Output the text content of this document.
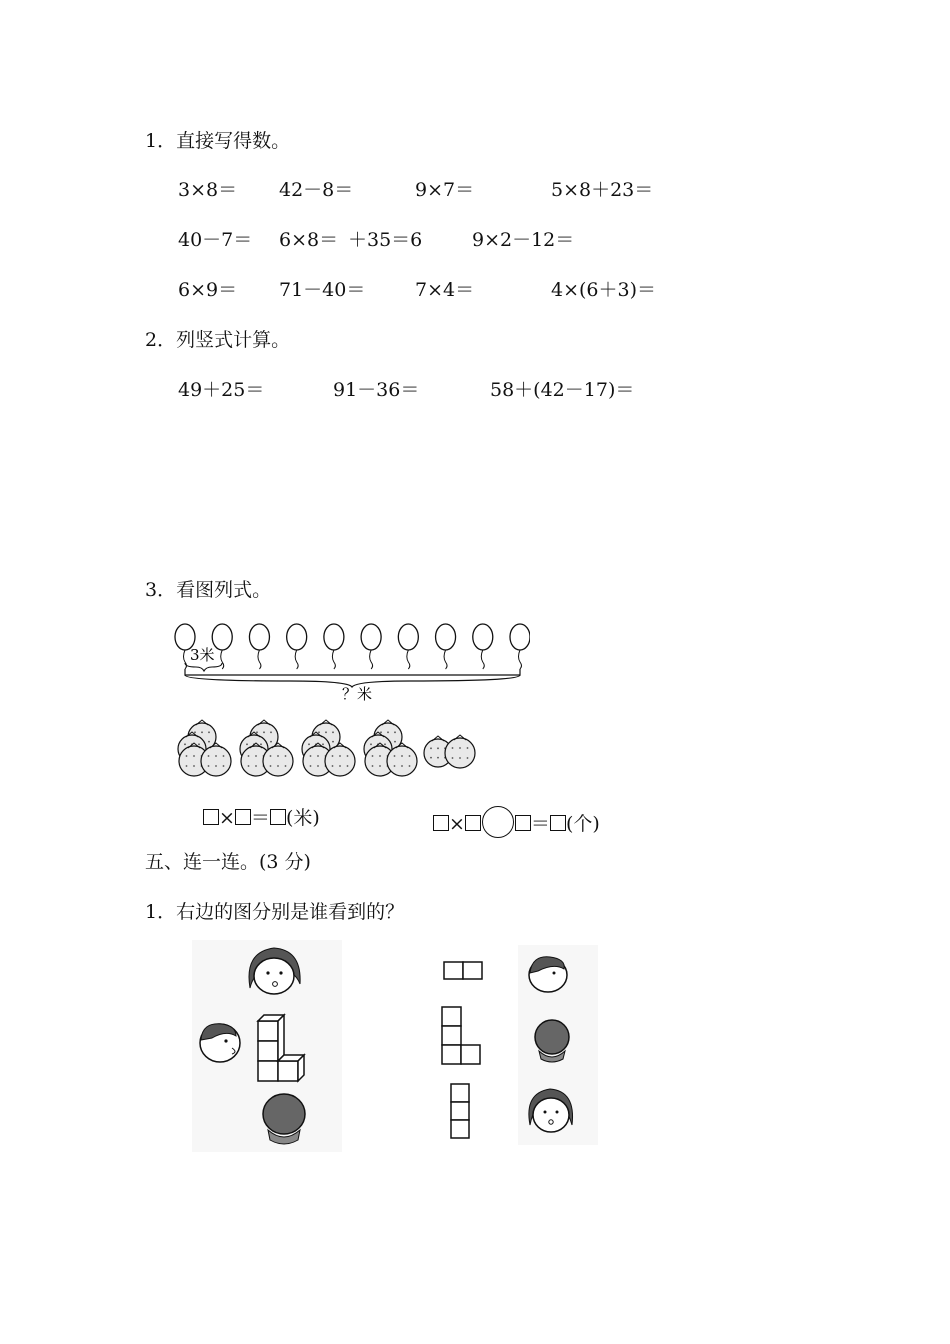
1．直接写得数。
3×8＝ 42－8＝	9×7＝	5×8＋23＝
40－7＝ 6×8＝ ＋35＝6	9×2－12＝
6×9＝ 71－40＝	7×4＝	4×(6＋3)＝
2．列竖式计算。
49＋25＝	91－36＝	58＋(42－17)＝
3．看图列式。
3米
？米
× ＝ (米)	×	＝ (个)
五、连一连。(3 分)
1．右边的图分别是谁看到的？
